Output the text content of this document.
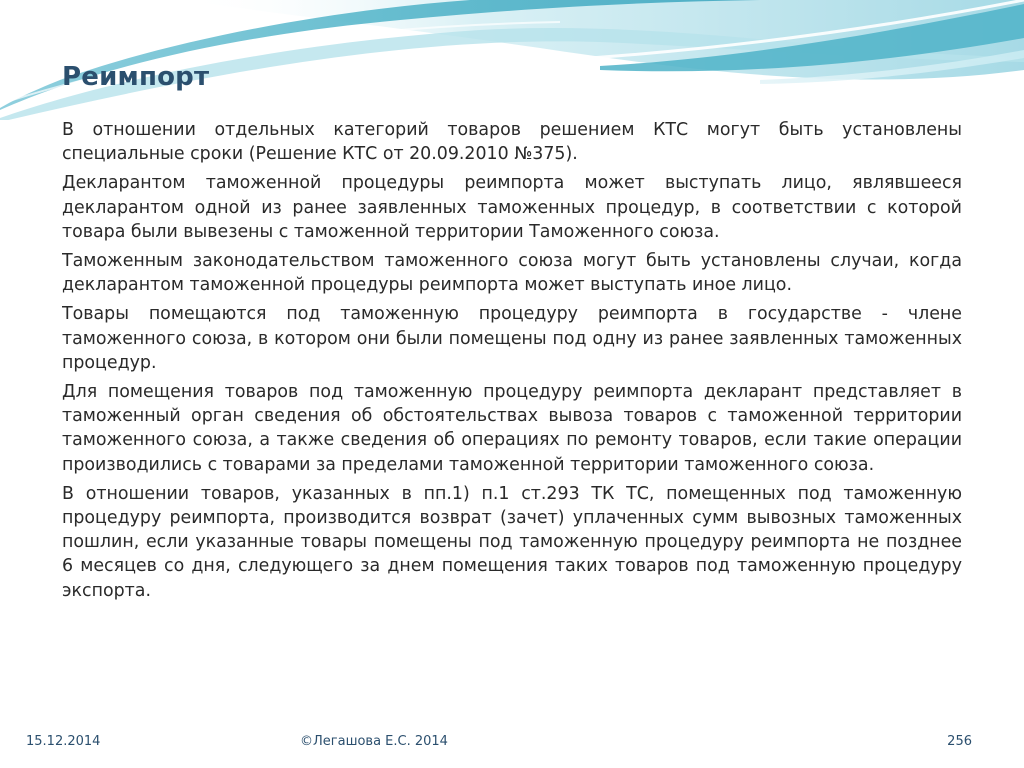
Реимпорт

В отношении отдельных категорий товаров решением КТС могут быть установлены специальные сроки (Решение КТС от 20.09.2010 №375).

Декларантом таможенной процедуры реимпорта может выступать лицо, являвшееся декларантом одной из ранее заявленных таможенных процедур, в соответствии с которой товара были вывезены с таможенной территории Таможенного союза.

Таможенным законодательством таможенного союза могут быть установлены случаи, когда декларантом таможенной процедуры реимпорта может выступать иное лицо.

Товары помещаются под таможенную процедуру реимпорта в государстве - члене таможенного союза, в котором они были помещены под одну из ранее заявленных таможенных процедур.

Для помещения товаров под таможенную процедуру реимпорта декларант представляет в таможенный орган сведения об обстоятельствах вывоза товаров с таможенной территории таможенного союза, а также сведения об операциях по ремонту товаров, если такие операции производились с товарами за пределами таможенной территории таможенного союза.

В отношении товаров, указанных в пп.1) п.1 ст.293 ТК ТС, помещенных под таможенную процедуру реимпорта, производится возврат (зачет) уплаченных сумм вывозных таможенных пошлин, если указанные товары помещены под таможенную процедуру реимпорта не позднее 6 месяцев со дня, следующего за днем помещения таких товаров под таможенную процедуру экспорта.

15.12.2014	©Легашова Е.С. 2014	256
